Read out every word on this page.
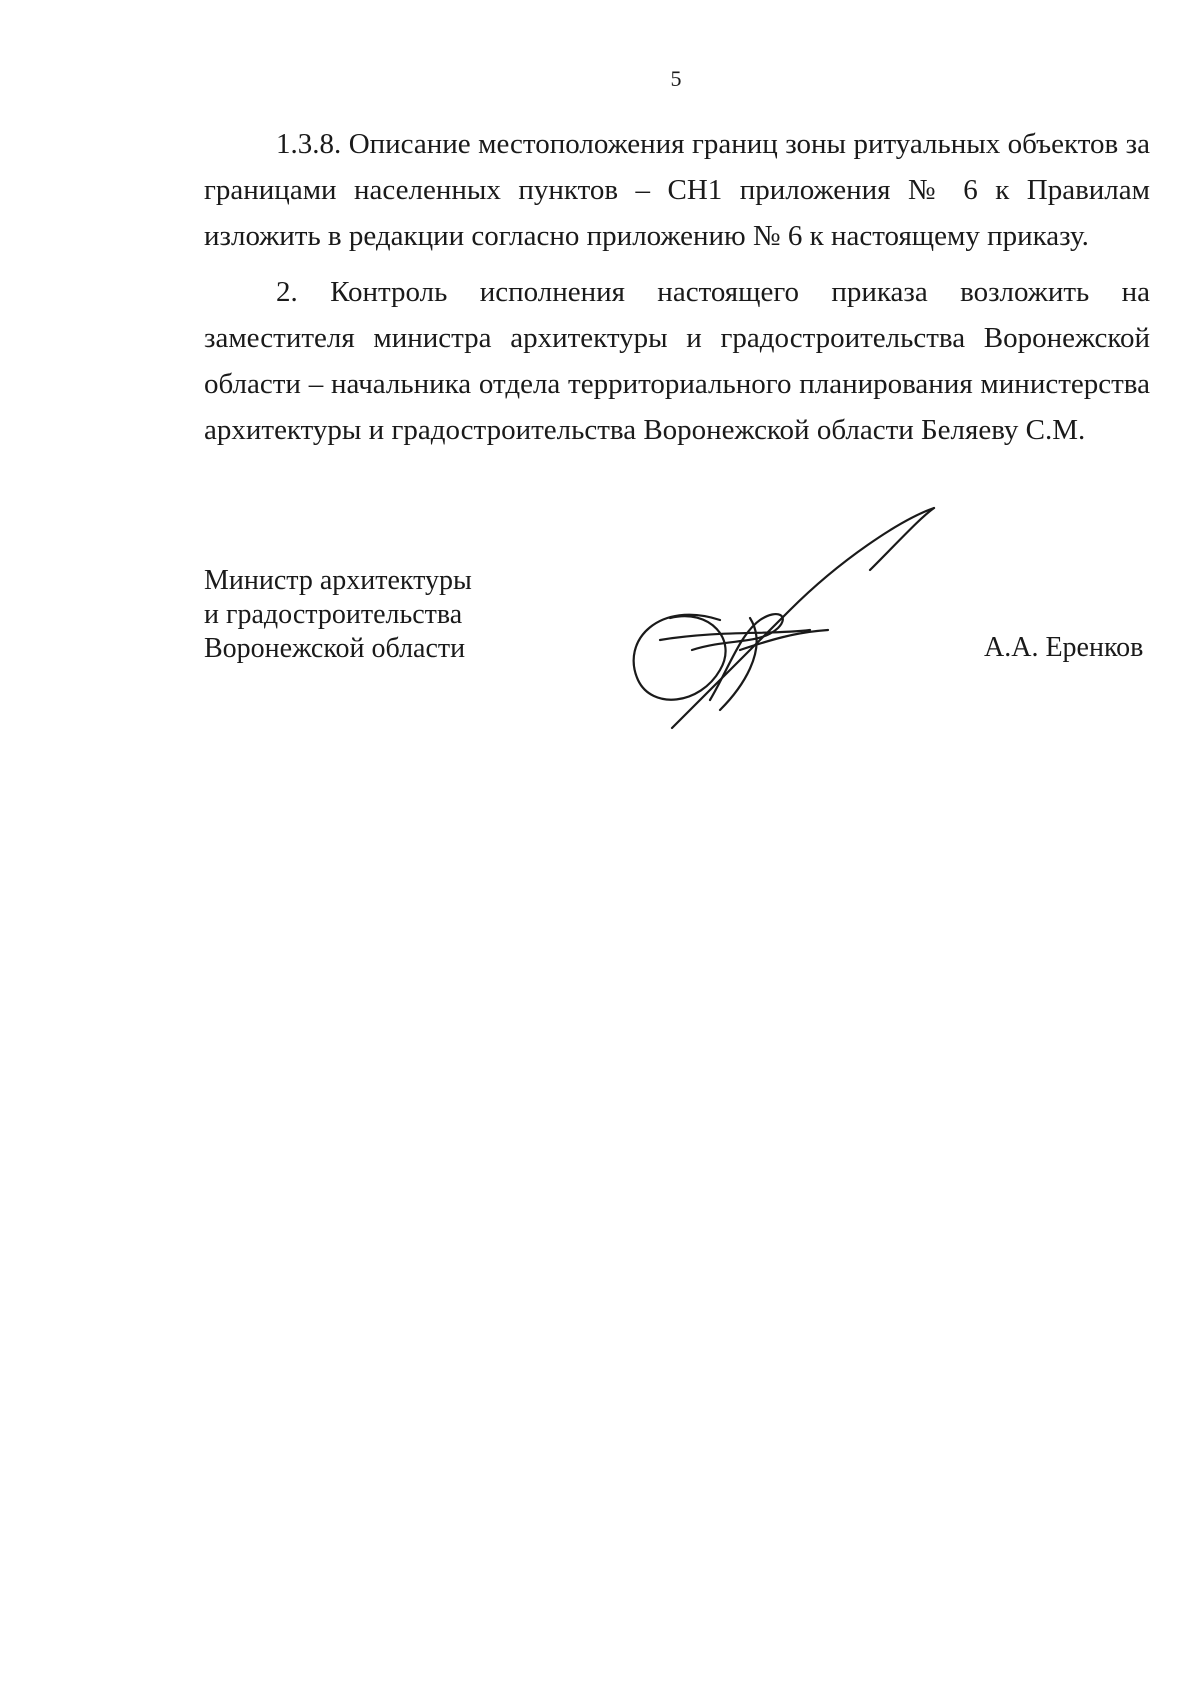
5

1.3.8. Описание местоположения границ зоны ритуальных объектов за границами населенных пунктов – СН1 приложения № 6 к Правилам изложить в редакции согласно приложению № 6 к настоящему приказу.

2. Контроль исполнения настоящего приказа возложить на заместителя министра архитектуры и градостроительства Воронежской области – начальника отдела территориального планирования министерства архитектуры и градостроительства Воронежской области Беляеву С.М.

Министр архитектуры
и градостроительства
Воронежской области	А.А. Еренков
